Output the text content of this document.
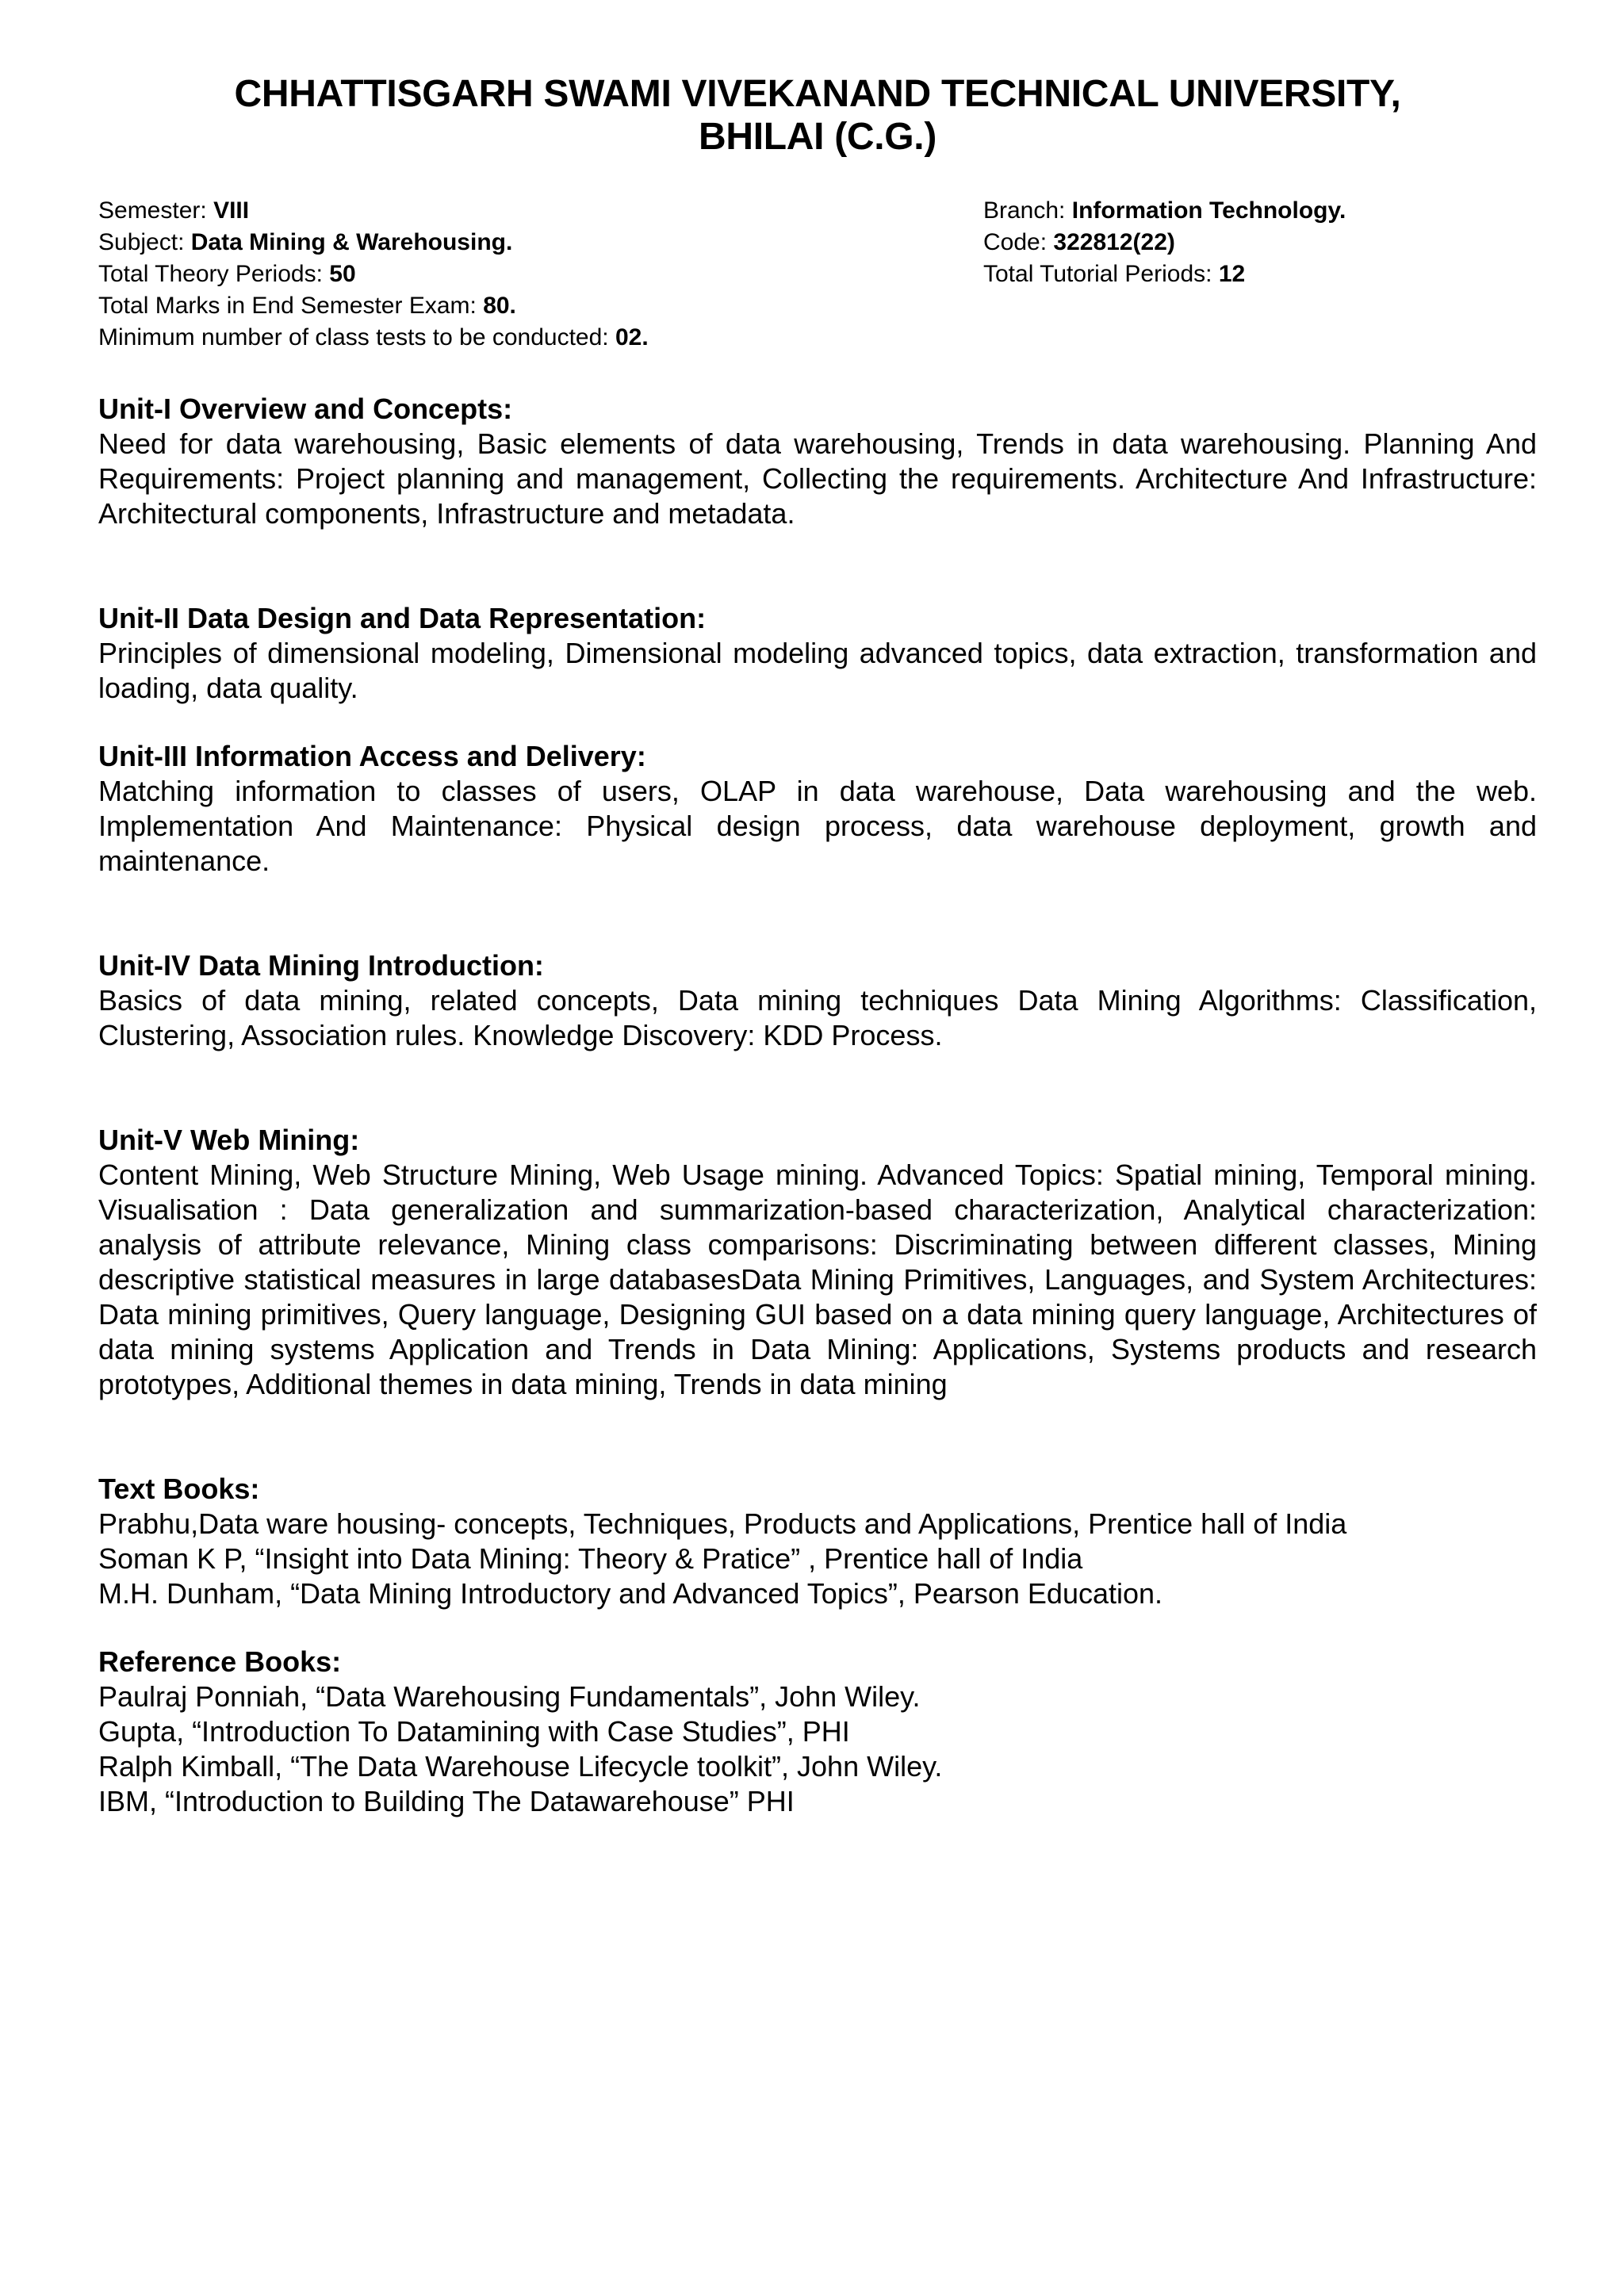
CHHATTISGARH SWAMI VIVEKANAND TECHNICAL UNIVERSITY,
BHILAI (C.G.)
Semester: VIII
Subject: Data Mining & Warehousing.
Total Theory Periods: 50
Total Marks in End Semester Exam: 80.
Minimum number of class tests to be conducted: 02.
Branch: Information Technology.
Code: 322812(22)
Total Tutorial Periods: 12
Unit-I Overview and Concepts:
Need for data warehousing, Basic elements of data warehousing, Trends in data warehousing. Planning And Requirements: Project planning and management, Collecting the requirements. Architecture And Infrastructure: Architectural components, Infrastructure and metadata.
Unit-II Data Design and Data Representation:
Principles of dimensional modeling, Dimensional modeling advanced topics, data extraction, transformation and loading, data quality.
Unit-III Information Access and Delivery:
Matching information to classes of users, OLAP in data warehouse, Data warehousing and the web. Implementation And Maintenance: Physical design process, data warehouse deployment, growth and maintenance.
Unit-IV Data Mining Introduction:
Basics of data mining, related concepts, Data mining techniques Data Mining Algorithms: Classification, Clustering, Association rules. Knowledge Discovery: KDD Process.
Unit-V Web Mining:
Content Mining, Web Structure Mining, Web Usage mining. Advanced Topics: Spatial mining, Temporal mining. Visualisation : Data generalization and summarization-based characterization, Analytical characterization: analysis of attribute relevance, Mining class comparisons: Discriminating between different classes, Mining descriptive statistical measures in large databasesData Mining Primitives, Languages, and System Architectures: Data mining primitives, Query language, Designing GUI based on a data mining query language, Architectures of data mining systems Application and Trends in Data Mining: Applications, Systems products and research prototypes, Additional themes in data mining, Trends in data mining
Text Books:
Prabhu,Data ware housing- concepts, Techniques, Products and Applications, Prentice hall of India
Soman K P, “Insight into Data Mining: Theory & Pratice” , Prentice hall of India
M.H. Dunham, “Data Mining Introductory and Advanced Topics”, Pearson Education.
Reference Books:
Paulraj Ponniah, “Data Warehousing Fundamentals”, John Wiley.
Gupta, “Introduction To Datamining with Case Studies”, PHI
Ralph Kimball, “The Data Warehouse Lifecycle toolkit”, John Wiley.
IBM, “Introduction to Building The Datawarehouse” PHI
